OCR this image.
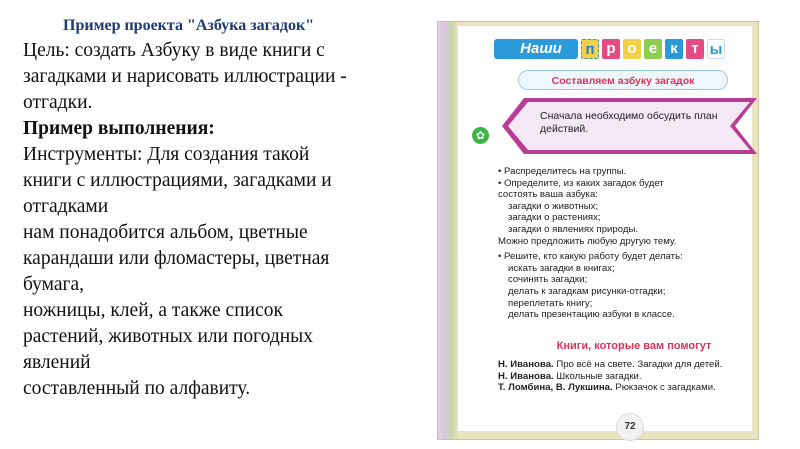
Пример проекта "Азбука загадок"

Цель: создать Азбуку в виде книги с

загадками и нарисовать иллюстрации -

отгадки.

Пример выполнения:

Инструменты: Для создания такой

книги с иллюстрациями, загадками и

отгадками

нам понадобится альбом, цветные

карандаши или фломастеры, цветная

бумага,

ножницы, клей, а также список

растений, животных или погодных

явлений

составленный по алфавиту.

Наши	п р о е к т ы
Составляем азбуку загадок
Сначала необходимо обсудить план действий.
✿
• Распределитесь на группы.
• Определите, из каких загадок будет
состоять ваша азбука:
загадки о животных;
загадки о растениях;
загадки о явлениях природы.
Можно предложить любую другую тему.
• Решите, кто какую работу будет делать:
искать загадки в книгах;
сочинять загадки;
делать к загадкам рисунки-отгадки;
переплетать книгу;
делать презентацию азбуки в классе.
Книги, которые вам помогут
Н. Иванова. Про всё на свете. Загадки для детей.
Н. Иванова. Школьные загадки.
Т. Ломбина, В. Лукшина. Рюкзачок с загадками.
72
